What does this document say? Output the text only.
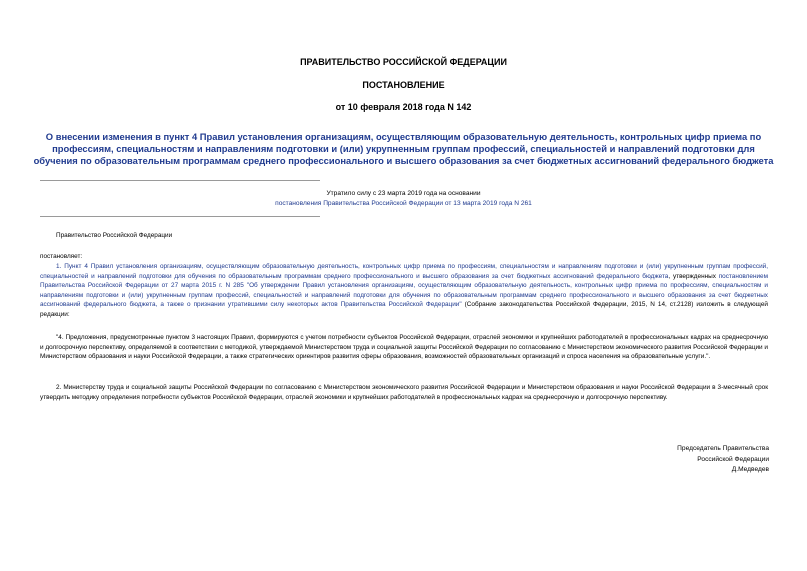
ПРАВИТЕЛЬСТВО РОССИЙСКОЙ ФЕДЕРАЦИИ
ПОСТАНОВЛЕНИЕ
от 10 февраля 2018 года N 142
О внесении изменения в пункт 4 Правил установления организациям, осуществляющим образовательную деятельность, контрольных цифр приема по профессиям, специальностям и направлениям подготовки и (или) укрупненным группам профессий, специальностей и направлений подготовки для обучения по образовательным программам среднего профессионального и высшего образования за счет бюджетных ассигнований федерального бюджета
Утратило силу с 23 марта 2019 года на основании
постановления Правительства Российской Федерации от 13 марта 2019 года N 261
Правительство Российской Федерации
постановляет:
1. Пункт 4 Правил установления организациям, осуществляющим образовательную деятельность, контрольных цифр приема по профессиям, специальностям и направлениям подготовки и (или) укрупненным группам профессий, специальностей и направлений подготовки для обучения по образовательным программам среднего профессионального и высшего образования за счет бюджетных ассигнований федерального бюджета, утвержденных постановлением Правительства Российской Федерации от 27 марта 2015 г. N 285 "Об утверждении Правил установления организациям, осуществляющим образовательную деятельность, контрольных цифр приема по профессиям, специальностям и направлениям подготовки и (или) укрупненным группам профессий, специальностей и направлений подготовки для обучения по образовательным программам среднего профессионального и высшего образования за счет бюджетных ассигнований федерального бюджета, а также о признании утратившими силу некоторых актов Правительства Российской Федерации" (Собрание законодательства Российской Федерации, 2015, N 14, ст.2128) изложить в следующей редакции:
"4. Предложения, предусмотренные пунктом 3 настоящих Правил, формируются с учетом потребности субъектов Российской Федерации, отраслей экономики и крупнейших работодателей в профессиональных кадрах на среднесрочную и долгосрочную перспективу, определяемой в соответствии с методикой, утверждаемой Министерством труда и социальной защиты Российской Федерации по согласованию с Министерством экономического развития Российской Федерации и Министерством образования и науки Российской Федерации, а также стратегических ориентиров развития сферы образования, возможностей образовательных организаций и спроса населения на образовательные услуги.".
2. Министерству труда и социальной защиты Российской Федерации по согласованию с Министерством экономического развития Российской Федерации и Министерством образования и науки Российской Федерации в 3-месячный срок утвердить методику определения потребности субъектов Российской Федерации, отраслей экономики и крупнейших работодателей в профессиональных кадрах на среднесрочную и долгосрочную перспективу.
Председатель Правительства
Российской Федерации
Д.Медведев
